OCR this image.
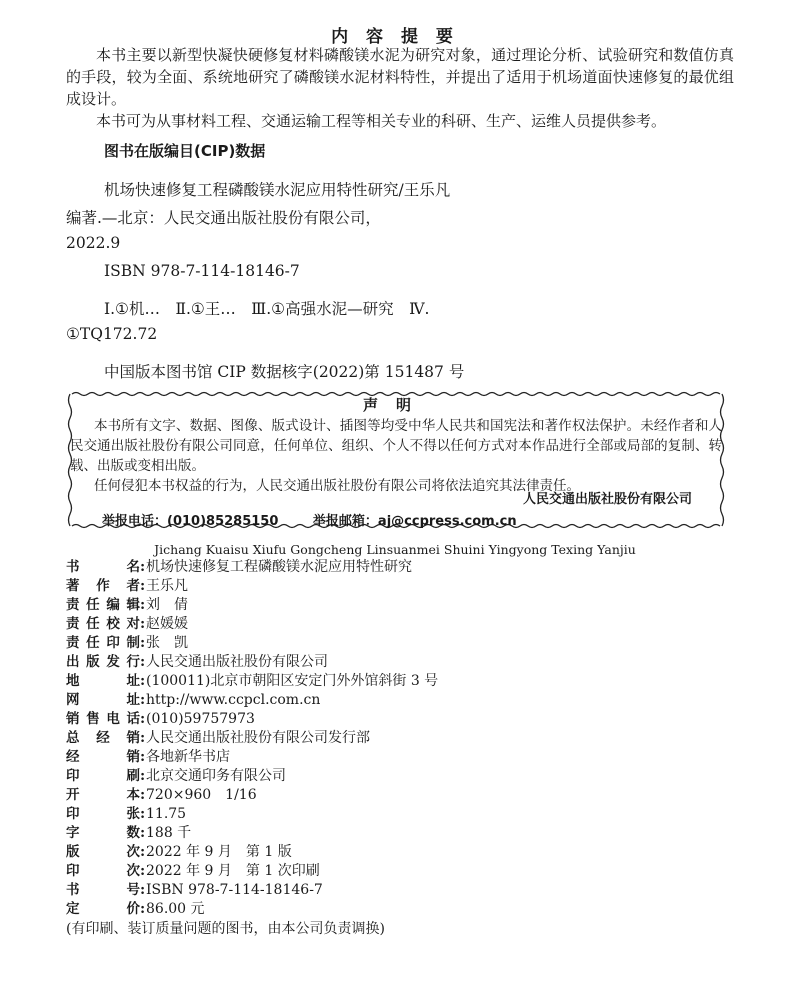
内 容 提 要
本书主要以新型快凝快硬修复材料磷酸镁水泥为研究对象，通过理论分析、试验研究和数值仿真的手段，较为全面、系统地研究了磷酸镁水泥材料特性，并提出了适用于机场道面快速修复的最优组成设计。
本书可为从事材料工程、交通运输工程等相关专业的科研、生产、运维人员提供参考。
图书在版编目(CIP)数据
机场快速修复工程磷酸镁水泥应用特性研究/王乐凡
编著.—北京：人民交通出版社股份有限公司，
2022.9
ISBN 978-7-114-18146-7
Ⅰ.①机…　Ⅱ.①王…　Ⅲ.①高强水泥—研究　Ⅳ.
①TQ172.72
中国版本图书馆 CIP 数据核字(2022)第 151487 号
声明
本书所有文字、数据、图像、版式设计、插图等均受中华人民共和国宪法和著作权法保护。未经作者和人民交通出版社股份有限公司同意，任何单位、组织、个人不得以任何方式对本作品进行全部或局部的复制、转载、出版或变相出版。
任何侵犯本书权益的行为，人民交通出版社股份有限公司将依法追究其法律责任。
人民交通出版社股份有限公司
举报电话：(010)85285150	举报邮箱：aj@ccpress.com.cn
Jichang Kuaisu Xiufu Gongcheng Linsuanmei Shuini Yingyong Texing Yanjiu
书名 : 机场快速修复工程磷酸镁水泥应用特性研究
著作者 : 王乐凡
责任编辑 : 刘　倩
责任校对 : 赵媛媛
责任印制 : 张　凯
出版发行 : 人民交通出版社股份有限公司
地址 : (100011)北京市朝阳区安定门外外馆斜街 3 号
网址 : http://www.ccpcl.com.cn
销售电话 : (010)59757973
总经销 : 人民交通出版社股份有限公司发行部
经销 : 各地新华书店
印刷 : 北京交通印务有限公司
开本 : 720×960　1/16
印张 : 11.75
字数 : 188 千
版次 : 2022 年 9 月　第 1 版
印次 : 2022 年 9 月　第 1 次印刷
书号 : ISBN 978-7-114-18146-7
定价 : 86.00 元
(有印刷、装订质量问题的图书，由本公司负责调换)
